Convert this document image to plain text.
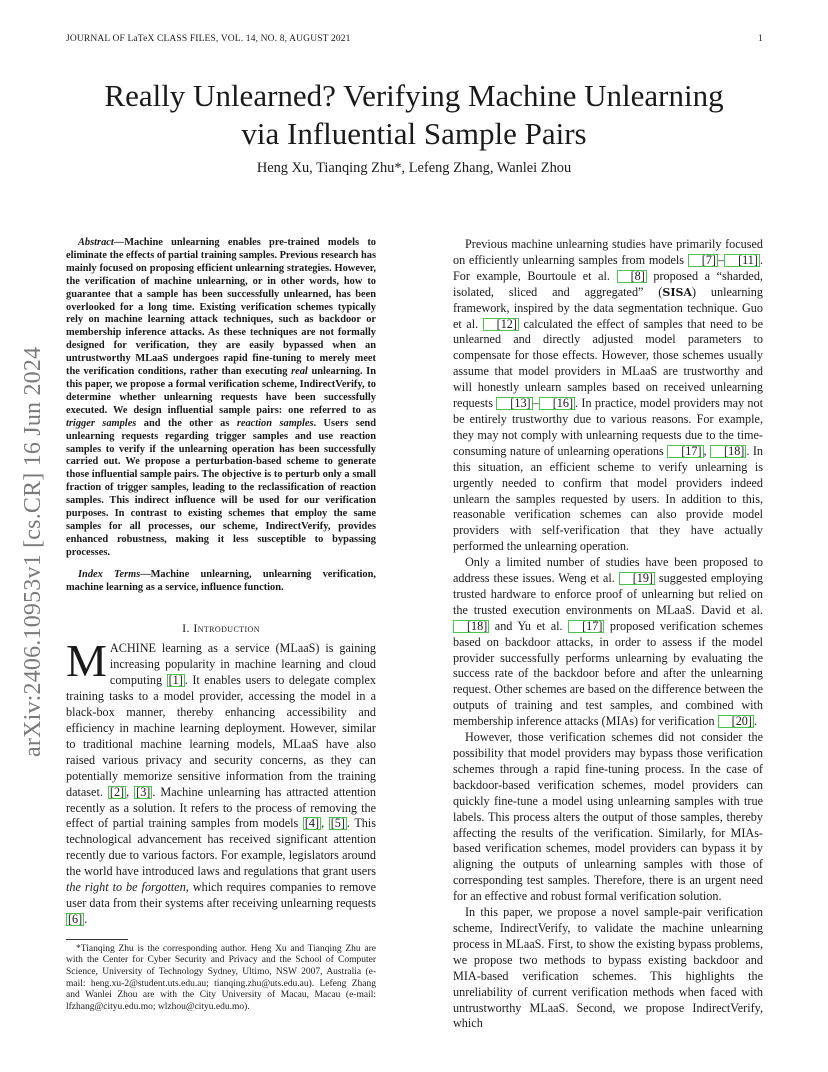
JOURNAL OF LaTeX CLASS FILES, VOL. 14, NO. 8, AUGUST 2021	1
Really Unlearned? Verifying Machine Unlearning
via Influential Sample Pairs
Heng Xu, Tianqing Zhu*, Lefeng Zhang, Wanlei Zhou
arXiv:2406.10953v1 [cs.CR] 16 Jun 2024

Abstract—Machine unlearning enables pre-trained models to eliminate the effects of partial training samples. Previous research has mainly focused on proposing efficient unlearning strategies. However, the verification of machine unlearning, or in other words, how to guarantee that a sample has been successfully unlearned, has been overlooked for a long time. Existing verification schemes typically rely on machine learning attack techniques, such as backdoor or membership inference attacks. As these techniques are not formally designed for verification, they are easily bypassed when an untrustworthy MLaaS undergoes rapid fine-tuning to merely meet the verification conditions, rather than executing real unlearning. In this paper, we propose a formal verification scheme, IndirectVerify, to determine whether unlearning requests have been successfully executed. We design influential sample pairs: one referred to as trigger samples and the other as reaction samples. Users send unlearning requests regarding trigger samples and use reaction samples to verify if the unlearning operation has been successfully carried out. We propose a perturbation-based scheme to generate those influential sample pairs. The objective is to perturb only a small fraction of trigger samples, leading to the reclassification of reaction samples. This indirect influence will be used for our verification purposes. In contrast to existing schemes that employ the same samples for all processes, our scheme, IndirectVerify, provides enhanced robustness, making it less susceptible to bypassing processes.

Index Terms—Machine unlearning, unlearning verification, machine learning as a service, influence function.

I. Introduction

MACHINE learning as a service (MLaaS) is gaining increasing popularity in machine learning and cloud computing [1] . It enables users to delegate complex training tasks to a model provider, accessing the model in a black-box manner, thereby enhancing accessibility and efficiency in machine learning deployment. However, similar to traditional machine learning models, MLaaS have also raised various privacy and security concerns, as they can potentially memorize sensitive information from the training dataset. [2] , [3] . Machine unlearning has attracted attention recently as a solution. It refers to the process of removing the effect of partial training samples from models [4] , [5] . This technological advancement has received significant attention recently due to various factors. For example, legislators around the world have introduced laws and regulations that grant users the right to be forgotten, which requires companies to remove user data from their systems after receiving unlearning requests [6] .

*Tianqing Zhu is the corresponding author. Heng Xu and Tianqing Zhu are with the Center for Cyber Security and Privacy and the School of Computer Science, University of Technology Sydney, Ultimo, NSW 2007, Australia (e-mail: heng.xu-2@student.uts.edu.au; tianqing.zhu@uts.edu.au). Lefeng Zhang and Wanlei Zhou are with the City University of Macau, Macau (e-mail: lfzhang@cityu.edu.mo; wlzhou@cityu.edu.mo).

Previous machine unlearning studies have primarily focused on efficiently unlearning samples from models [7] – [11] . For example, Bourtoule et al. [8] proposed a “sharded, isolated, sliced and aggregated” (SISA) unlearning framework, inspired by the data segmentation technique. Guo et al. [12] calculated the effect of samples that need to be unlearned and directly adjusted model parameters to compensate for those effects. However, those schemes usually assume that model providers in MLaaS are trustworthy and will honestly unlearn samples based on received unlearning requests [13] – [16] . In practice, model providers may not be entirely trustworthy due to various reasons. For example, they may not comply with unlearning requests due to the time-consuming nature of unlearning operations [17] , [18] . In this situation, an efficient scheme to verify unlearning is urgently needed to confirm that model providers indeed unlearn the samples requested by users. In addition to this, reasonable verification schemes can also provide model providers with self-verification that they have actually performed the unlearning operation.

Only a limited number of studies have been proposed to address these issues. Weng et al. [19] suggested employing trusted hardware to enforce proof of unlearning but relied on the trusted execution environments on MLaaS. David et al. [18] and Yu et al. [17] proposed verification schemes based on backdoor attacks, in order to assess if the model provider successfully performs unlearning by evaluating the success rate of the backdoor before and after the unlearning request. Other schemes are based on the difference between the outputs of training and test samples, and combined with membership inference attacks (MIAs) for verification [20] .

However, those verification schemes did not consider the possibility that model providers may bypass those verification schemes through a rapid fine-tuning process. In the case of backdoor-based verification schemes, model providers can quickly fine-tune a model using unlearning samples with true labels. This process alters the output of those samples, thereby affecting the results of the verification. Similarly, for MIAs-based verification schemes, model providers can bypass it by aligning the outputs of unlearning samples with those of corresponding test samples. Therefore, there is an urgent need for an effective and robust formal verification solution.

In this paper, we propose a novel sample-pair verification scheme, IndirectVerify, to validate the machine unlearning process in MLaaS. First, to show the existing bypass problems, we propose two methods to bypass existing backdoor and MIA-based verification schemes. This highlights the unreliability of current verification methods when faced with untrustworthy MLaaS. Second, we propose IndirectVerify, which
